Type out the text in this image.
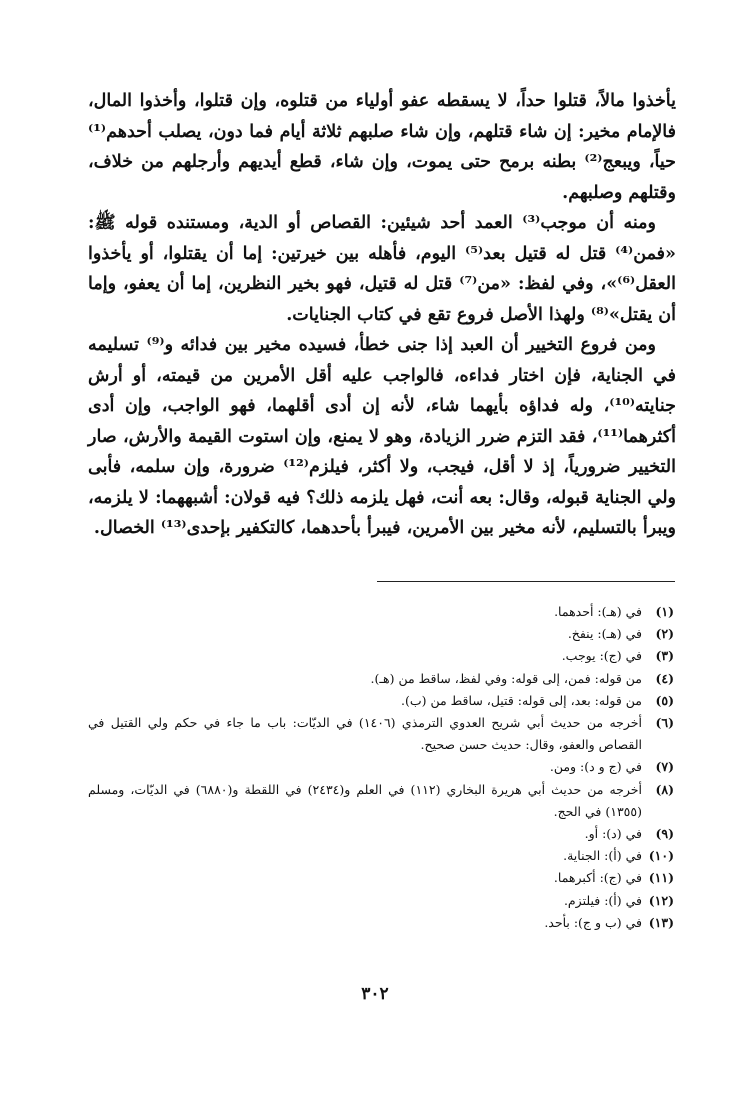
يأخذوا مالاً، قتلوا حداً، لا يسقطه عفو أولياء من قتلوه، وإن قتلوا، وأخذوا المال، فالإمام مخير: إن شاء قتلهم، وإن شاء صلبهم ثلاثة أيام فما دون، يصلب أحدهم⁽¹⁾ حياً، ويبعج⁽²⁾ بطنه برمح حتى يموت، وإن شاء، قطع أيديهم وأرجلهم من خلاف، وقتلهم وصلبهم.

ومنه أن موجب⁽³⁾ العمد أحد شيئين: القصاص أو الدية، ومستنده قوله ﷺ: «فمن⁽⁴⁾ قتل له قتيل بعد⁽⁵⁾ اليوم، فأهله بين خيرتين: إما أن يقتلوا، أو يأخذوا العقل⁽⁶⁾»، وفي لفظ: «من⁽⁷⁾ قتل له قتيل، فهو بخير النظرين، إما أن يعفو، وإما أن يقتل»⁽⁸⁾ ولهذا الأصل فروع تقع في كتاب الجنايات.

ومن فروع التخيير أن العبد إذا جنى خطأ، فسيده مخير بين فدائه و⁽⁹⁾ تسليمه في الجناية، فإن اختار فداءه، فالواجب عليه أقل الأمرين من قيمته، أو أرش جنايته⁽¹⁰⁾، وله فداؤه بأيهما شاء، لأنه إن أدى أقلهما، فهو الواجب، وإن أدى أكثرهما⁽¹¹⁾، فقد التزم ضرر الزيادة، وهو لا يمنع، وإن استوت القيمة والأرش، صار التخيير ضرورياً، إذ لا أقل، فيجب، ولا أكثر، فيلزم⁽¹²⁾ ضرورة، وإن سلمه، فأبى ولي الجناية قبوله، وقال: بعه أنت، فهل يلزمه ذلك؟ فيه قولان: أشبههما: لا يلزمه، ويبرأ بالتسليم، لأنه مخير بين الأمرين، فيبرأ بأحدهما، كالتكفير بإحدى⁽¹³⁾ الخصال.

(١)
في (هـ): أحدهما.
(٢)
في (هـ): ينفخ.
(٣)
في (ج): يوجب.
(٤)
من قوله: فمن، إلى قوله: وفي لفظ، ساقط من (هـ).
(٥)
من قوله: بعد، إلى قوله: قتيل، ساقط من (ب).
(٦)
أخرجه من حديث أبي شريح العدوي الترمذي (١٤٠٦) في الديّات: باب ما جاء في حكم ولي القتيل في القصاص والعفو، وقال: حديث حسن صحيح.
(٧)
في (ج و د): ومن.
(٨)
أخرجه من حديث أبي هريرة البخاري (١١٢) في العلم و(٢٤٣٤) في اللقطة و(٦٨٨٠) في الديّات، ومسلم (١٣٥٥) في الحج.
(٩)
في (د): أو.
(١٠)
في (أ): الجناية.
(١١)
في (ج): أكبرهما.
(١٢)
في (أ): فيلتزم.
(١٣)
في (ب و ج): بأحد.
٣٠٢
